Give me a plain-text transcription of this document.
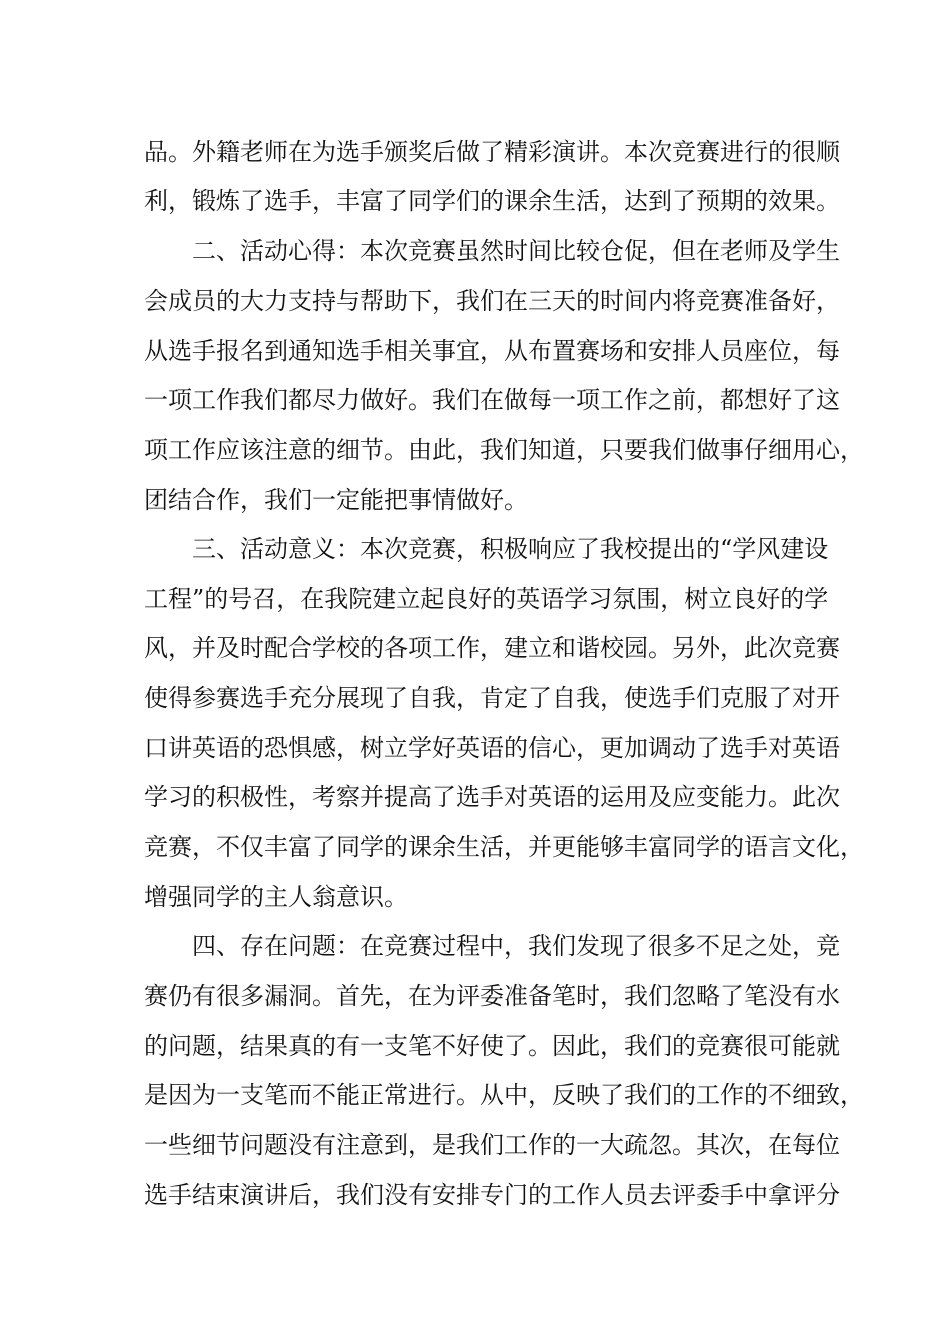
品。外籍老师在为选手颁奖后做了精彩演讲。本次竞赛进行的很顺
利，锻炼了选手，丰富了同学们的课余生活，达到了预期的效果。
二、活动心得：本次竞赛虽然时间比较仓促，但在老师及学生
会成员的大力支持与帮助下，我们在三天的时间内将竞赛准备好，
从选手报名到通知选手相关事宜，从布置赛场和安排人员座位，每
一项工作我们都尽力做好。我们在做每一项工作之前，都想好了这
项工作应该注意的细节。由此，我们知道，只要我们做事仔细用心，
团结合作，我们一定能把事情做好。
三、活动意义：本次竞赛，积极响应了我校提出的“学风建设
工程”的号召，在我院建立起良好的英语学习氛围，树立良好的学
风，并及时配合学校的各项工作，建立和谐校园。另外，此次竞赛
使得参赛选手充分展现了自我，肯定了自我，使选手们克服了对开
口讲英语的恐惧感，树立学好英语的信心，更加调动了选手对英语
学习的积极性，考察并提高了选手对英语的运用及应变能力。此次
竞赛，不仅丰富了同学的课余生活，并更能够丰富同学的语言文化，
增强同学的主人翁意识。
四、存在问题：在竞赛过程中，我们发现了很多不足之处，竞
赛仍有很多漏洞。首先，在为评委准备笔时，我们忽略了笔没有水
的问题，结果真的有一支笔不好使了。因此，我们的竞赛很可能就
是因为一支笔而不能正常进行。从中，反映了我们的工作的不细致，
一些细节问题没有注意到，是我们工作的一大疏忽。其次，在每位
选手结束演讲后，我们没有安排专门的工作人员去评委手中拿评分
